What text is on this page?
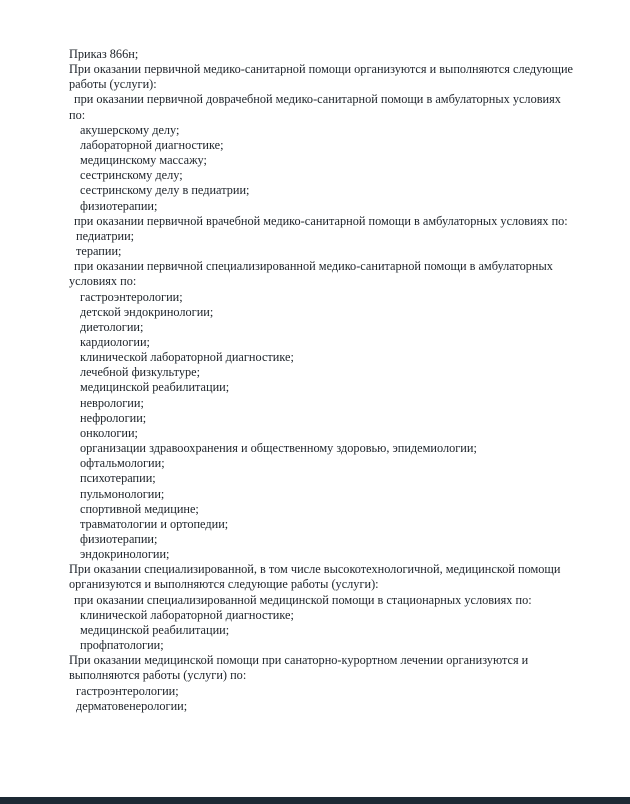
Приказ 866н;
При оказании первичной медико-санитарной помощи организуются и выполняются следующие
работы (услуги):
при оказании первичной доврачебной медико-санитарной помощи в амбулаторных условиях
по:
акушерскому делу;
лабораторной диагностике;
медицинскому массажу;
сестринскому делу;
сестринскому делу в педиатрии;
физиотерапии;
при оказании первичной врачебной медико-санитарной помощи в амбулаторных условиях по:
педиатрии;
терапии;
при оказании первичной специализированной медико-санитарной помощи в амбулаторных
условиях по:
гастроэнтерологии;
детской эндокринологии;
диетологии;
кардиологии;
клинической лабораторной диагностике;
лечебной физкультуре;
медицинской реабилитации;
неврологии;
нефрологии;
онкологии;
организации здравоохранения и общественному здоровью, эпидемиологии;
офтальмологии;
психотерапии;
пульмонологии;
спортивной медицине;
травматологии и ортопедии;
физиотерапии;
эндокринологии;
При оказании специализированной, в том числе высокотехнологичной, медицинской помощи
организуются и выполняются следующие работы (услуги):
при оказании специализированной медицинской помощи в стационарных условиях по:
клинической лабораторной диагностике;
медицинской реабилитации;
профпатологии;
При оказании медицинской помощи при санаторно-курортном лечении организуются и
выполняются работы (услуги) по:
гастроэнтерологии;
дерматовенерологии;
